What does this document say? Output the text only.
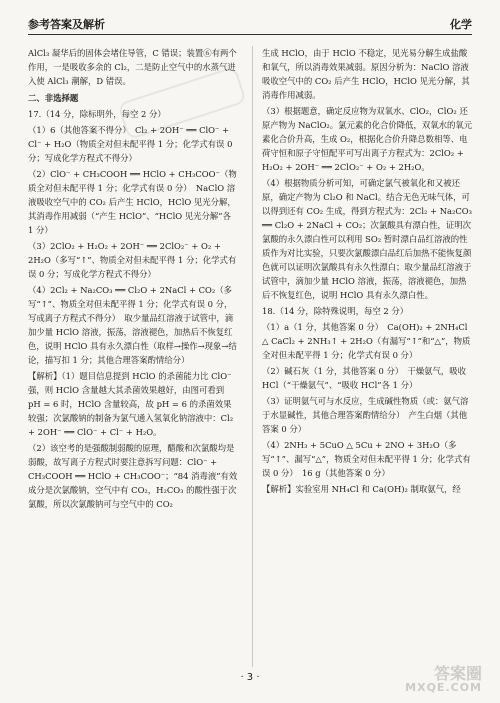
参考答案及解析	化学

AlCl₃ 凝华后的固体会堵住导管，C 错误；装置⑥有两个作用，一是吸收多余的 Cl₂，二是防止空气中的水蒸气进入使 AlCl₃ 潮解，D 错误。

二、非选择题

17.（14 分，除标明外，每空 2 分）

（1）6（其他答案不得分）　Cl₂ + 2OH⁻ ══ ClO⁻ + Cl⁻ + H₂O（物质全对但未配平得 1 分；化学式有误 0 分；写成化学方程式不得分）

（2）ClO⁻ + CH₃COOH ══ HClO + CH₃COO⁻（物质全对但未配平得 1 分；化学式有误 0 分）　NaClO 溶液吸收空气中的 CO₂ 后产生 HClO，HClO 见光分解，其消毒作用减弱（“产生 HClO”、“HClO 见光分解”各 1 分）

（3）2ClO₂ + H₂O₂ + 2OH⁻ ══ 2ClO₂⁻ + O₂ + 2H₂O（多写“↑”、物质全对但未配平得 1 分；化学式有误 0 分；写成化学方程式不得分）

（4）2Cl₂ + Na₂CO₃ ══ Cl₂O + 2NaCl + CO₂（多写“↑”、物质全对但未配平得 1 分；化学式有误 0 分，写成离子方程式不得分）　取少量品红溶液于试管中，滴加少量 HClO 溶液，振荡，溶液褪色，加热后不恢复红色，说明 HClO 具有永久漂白性（取样→操作→现象→结论，描写扣 1 分；其他合理答案酌情给分）

【解析】（1）题目信息提到 HClO 的杀菌能力比 ClO⁻ 强，则 HClO 含量越大其杀菌效果越好，由图可看到 pH = 6 时，HClO 含量较高，故 pH = 6 的杀菌效果较强；次氯酸钠的制备为氯气通入氢氧化钠溶液中：Cl₂ + 2OH⁻ ══ ClO⁻ + Cl⁻ + H₂O。

（2）该空考的是强酸制弱酸的原理，醋酸和次氯酸均是弱酸，故写离子方程式时要注意拆写问题：ClO⁻ + CH₃COOH ══ HClO + CH₃COO⁻；“84 消毒液”有效成分是次氯酸钠，空气中有 CO₂，H₂CO₃ 的酸性强于次氯酸，所以次氯酸钠可与空气中的 CO₂

生成 HClO，由于 HClO 不稳定，见光易分解生成盐酸和氧气，所以消毒效果减弱。原因分析为：NaClO 溶液吸收空气中的 CO₂ 后产生 HClO，HClO 见光分解，其消毒作用减弱。

（3）根据题意，确定反应物为双氧水、ClO₂，ClO₂ 还原产物为 NaClO₂。氯元素的化合价降低，双氧水的氧元素化合价升高，生成 O₂，根据化合价升降总数相等、电荷守恒和原子守恒配平可写出离子方程式为：2ClO₂ + H₂O₂ + 2OH⁻ ══ 2ClO₂⁻ + O₂ + 2H₂O。

（4）根据物质分析可知，可确定氯气被氧化和又被还原，确定产物为 Cl₂O 和 NaCl。结合无色无味气体，可以得到还有 CO₂ 生成，得到方程式为：2Cl₂ + Na₂CO₃ ══ Cl₂O + 2NaCl + CO₂；次氯酸具有漂白性，证明次氯酸的永久漂白性可以利用 SO₂ 暂时漂白品红溶液的性质作为对比实验，只要次氯酸漂白品红后加热不能恢复颜色就可以证明次氯酸具有永久性漂白；取少量品红溶液于试管中，滴加少量 HClO 溶液，振荡，溶液褪色，加热后不恢复红色，说明 HClO 具有永久漂白性。

18.（14 分，除特殊说明，每空 2 分）

（1）a（1 分，其他答案 0 分）　Ca(OH)₂ + 2NH₄Cl △ CaCl₂ + 2NH₃↑ + 2H₂O（有漏写“↑”和“△”，物质全对但未配平得 1 分；化学式有误 0 分）

（2）碱石灰（1 分，其他答案 0 分）　干燥氨气，吸收 HCl（“干燥氨气”、“吸收 HCl”各 1 分）

（3）证明氨气可与水反应，生成碱性物质（或：氨气溶于水显碱性，其他合理答案酌情给分）　产生白烟（其他答案 0 分）

（4）2NH₃ + 5CuO △ 5Cu + 2NO + 3H₂O（多写“↑”、漏写“△”，物质全对但未配平得 1 分；化学式有误 0 分）　16 g（其他答案 0 分）

【解析】实验室用 NH₄Cl 和 Ca(OH)₂ 制取氨气，经

· 3 ·	答案圈
MXQE.COM
